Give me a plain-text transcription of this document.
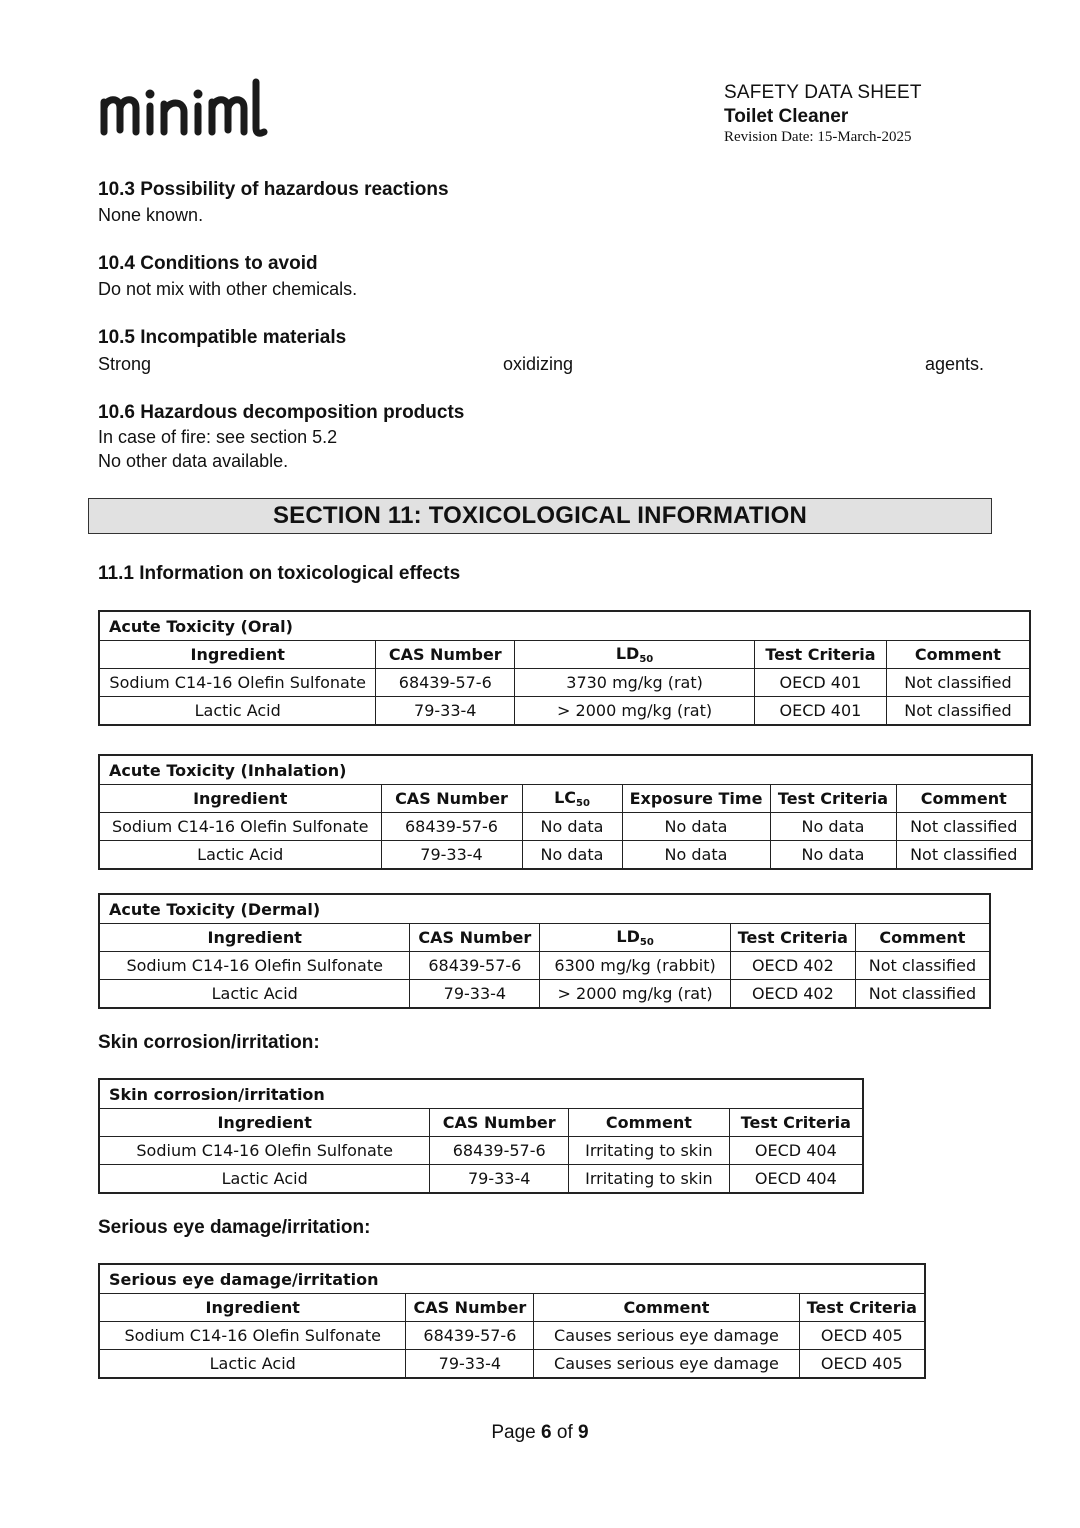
SAFETY DATA SHEET
Toilet Cleaner
Revision Date: 15-March-2025
10.3 Possibility of hazardous reactions
None known.
10.4 Conditions to avoid
Do not mix with other chemicals.
10.5 Incompatible materials
Strong	oxidizing	agents.
10.6 Hazardous decomposition products
In case of fire: see section 5.2
No other data available.
SECTION 11: TOXICOLOGICAL INFORMATION
11.1 Information on toxicological effects
Acute Toxicity (Oral)				
Ingredient	CAS Number	$LD_{50}$	Test Criteria	Comment
Sodium C14-16 Olefin Sulfonate	68439-57-6	3730 mg/kg (rat)	OECD 401	Not classified
Lactic Acid	79-33-4	> 2000 mg/kg (rat)	OECD 401	Not classified
Acute Toxicity (Inhalation)					
Ingredient	CAS Number	$LC_{50}$	Exposure Time	Test Criteria	Comment
Sodium C14-16 Olefin Sulfonate	68439-57-6	No data	No data	No data	Not classified
Lactic Acid	79-33-4	No data	No data	No data	Not classified
Acute Toxicity (Dermal)				
Ingredient	CAS Number	$LD_{50}$	Test Criteria	Comment
Sodium C14-16 Olefin Sulfonate	68439-57-6	6300 mg/kg (rabbit)	OECD 402	Not classified
Lactic Acid	79-33-4	> 2000 mg/kg (rat)	OECD 402	Not classified
Skin corrosion/irritation:
Skin corrosion/irritation			
Ingredient	CAS Number	Comment	Test Criteria
Sodium C14-16 Olefin Sulfonate	68439-57-6	Irritating to skin	OECD 404
Lactic Acid	79-33-4	Irritating to skin	OECD 404
Serious eye damage/irritation:
Serious eye damage/irritation			
Ingredient	CAS Number	Comment	Test Criteria
Sodium C14-16 Olefin Sulfonate	68439-57-6	Causes serious eye damage	OECD 405
Lactic Acid	79-33-4	Causes serious eye damage	OECD 405
Page 6 of 9
